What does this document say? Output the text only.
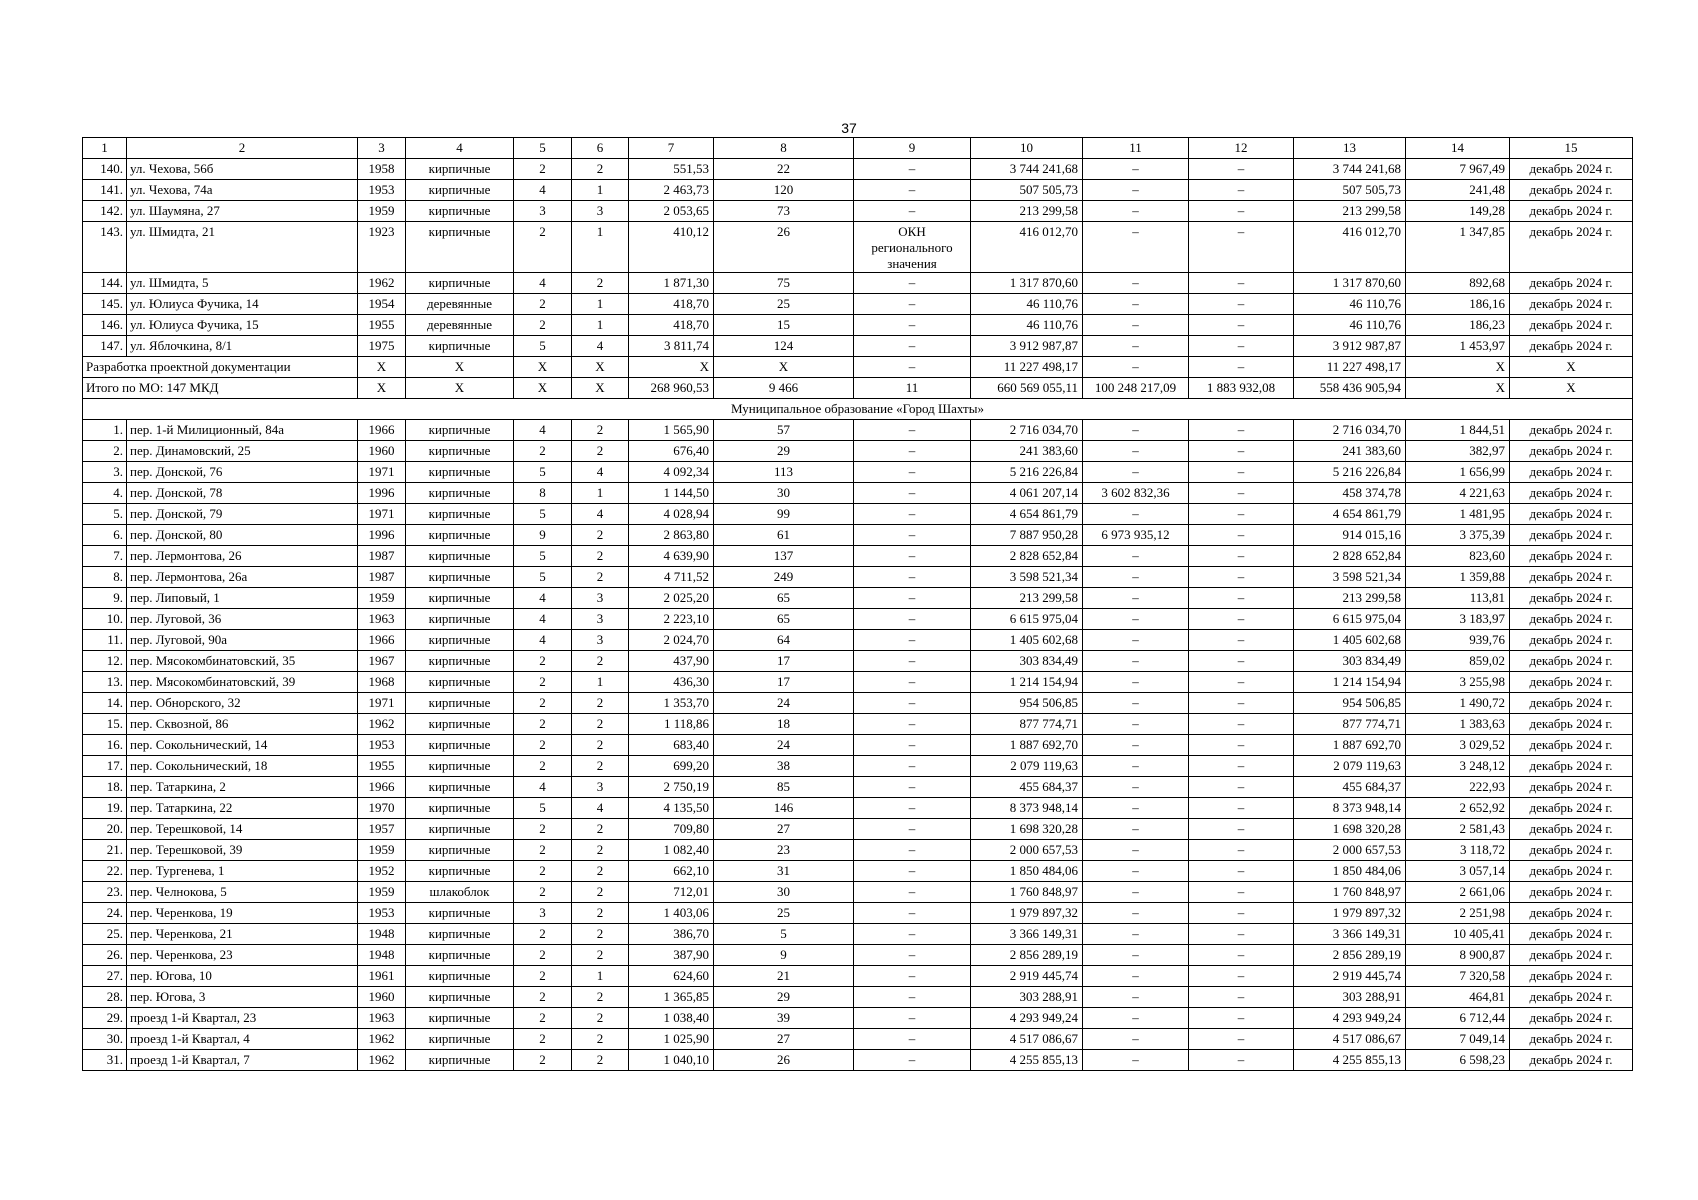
37
1	2	3	4	5	6	7	8	9	10	11	12	13	14	15
140.	ул. Чехова, 56б	1958	кирпичные	2	2	551,53	22	–	3 744 241,68	–	–	3 744 241,68	7 967,49	декабрь 2024 г.
141.	ул. Чехова, 74а	1953	кирпичные	4	1	2 463,73	120	–	507 505,73	–	–	507 505,73	241,48	декабрь 2024 г.
142.	ул. Шаумяна, 27	1959	кирпичные	3	3	2 053,65	73	–	213 299,58	–	–	213 299,58	149,28	декабрь 2024 г.
143.	ул. Шмидта, 21	1923	кирпичные	2	1	410,12	26	ОКН регионального значения	416 012,70	–	–	416 012,70	1 347,85	декабрь 2024 г.
144.	ул. Шмидта, 5	1962	кирпичные	4	2	1 871,30	75	–	1 317 870,60	–	–	1 317 870,60	892,68	декабрь 2024 г.
145.	ул. Юлиуса Фучика, 14	1954	деревянные	2	1	418,70	25	–	46 110,76	–	–	46 110,76	186,16	декабрь 2024 г.
146.	ул. Юлиуса Фучика, 15	1955	деревянные	2	1	418,70	15	–	46 110,76	–	–	46 110,76	186,23	декабрь 2024 г.
147.	ул. Яблочкина, 8/1	1975	кирпичные	5	4	3 811,74	124	–	3 912 987,87	–	–	3 912 987,87	1 453,97	декабрь 2024 г.
Разработка проектной документации		Х	Х	Х	Х	Х	Х	–	11 227 498,17	–	–	11 227 498,17	Х	Х
Итого по МО: 147 МКД		Х	Х	Х	Х	268 960,53	9 466	11	660 569 055,11	100 248 217,09	1 883 932,08	558 436 905,94	Х	Х
Муниципальное образование «Город Шахты»														
1.	пер. 1-й Милиционный, 84а	1966	кирпичные	4	2	1 565,90	57	–	2 716 034,70	–	–	2 716 034,70	1 844,51	декабрь 2024 г.
2.	пер. Динамовский, 25	1960	кирпичные	2	2	676,40	29	–	241 383,60	–	–	241 383,60	382,97	декабрь 2024 г.
3.	пер. Донской, 76	1971	кирпичные	5	4	4 092,34	113	–	5 216 226,84	–	–	5 216 226,84	1 656,99	декабрь 2024 г.
4.	пер. Донской, 78	1996	кирпичные	8	1	1 144,50	30	–	4 061 207,14	3 602 832,36	–	458 374,78	4 221,63	декабрь 2024 г.
5.	пер. Донской, 79	1971	кирпичные	5	4	4 028,94	99	–	4 654 861,79	–	–	4 654 861,79	1 481,95	декабрь 2024 г.
6.	пер. Донской, 80	1996	кирпичные	9	2	2 863,80	61	–	7 887 950,28	6 973 935,12	–	914 015,16	3 375,39	декабрь 2024 г.
7.	пер. Лермонтова, 26	1987	кирпичные	5	2	4 639,90	137	–	2 828 652,84	–	–	2 828 652,84	823,60	декабрь 2024 г.
8.	пер. Лермонтова, 26а	1987	кирпичные	5	2	4 711,52	249	–	3 598 521,34	–	–	3 598 521,34	1 359,88	декабрь 2024 г.
9.	пер. Липовый, 1	1959	кирпичные	4	3	2 025,20	65	–	213 299,58	–	–	213 299,58	113,81	декабрь 2024 г.
10.	пер. Луговой, 36	1963	кирпичные	4	3	2 223,10	65	–	6 615 975,04	–	–	6 615 975,04	3 183,97	декабрь 2024 г.
11.	пер. Луговой, 90а	1966	кирпичные	4	3	2 024,70	64	–	1 405 602,68	–	–	1 405 602,68	939,76	декабрь 2024 г.
12.	пер. Мясокомбинатовский, 35	1967	кирпичные	2	2	437,90	17	–	303 834,49	–	–	303 834,49	859,02	декабрь 2024 г.
13.	пер. Мясокомбинатовский, 39	1968	кирпичные	2	1	436,30	17	–	1 214 154,94	–	–	1 214 154,94	3 255,98	декабрь 2024 г.
14.	пер. Обнорского, 32	1971	кирпичные	2	2	1 353,70	24	–	954 506,85	–	–	954 506,85	1 490,72	декабрь 2024 г.
15.	пер. Сквозной, 86	1962	кирпичные	2	2	1 118,86	18	–	877 774,71	–	–	877 774,71	1 383,63	декабрь 2024 г.
16.	пер. Сокольнический, 14	1953	кирпичные	2	2	683,40	24	–	1 887 692,70	–	–	1 887 692,70	3 029,52	декабрь 2024 г.
17.	пер. Сокольнический, 18	1955	кирпичные	2	2	699,20	38	–	2 079 119,63	–	–	2 079 119,63	3 248,12	декабрь 2024 г.
18.	пер. Татаркина, 2	1966	кирпичные	4	3	2 750,19	85	–	455 684,37	–	–	455 684,37	222,93	декабрь 2024 г.
19.	пер. Татаркина, 22	1970	кирпичные	5	4	4 135,50	146	–	8 373 948,14	–	–	8 373 948,14	2 652,92	декабрь 2024 г.
20.	пер. Терешковой, 14	1957	кирпичные	2	2	709,80	27	–	1 698 320,28	–	–	1 698 320,28	2 581,43	декабрь 2024 г.
21.	пер. Терешковой, 39	1959	кирпичные	2	2	1 082,40	23	–	2 000 657,53	–	–	2 000 657,53	3 118,72	декабрь 2024 г.
22.	пер. Тургенева, 1	1952	кирпичные	2	2	662,10	31	–	1 850 484,06	–	–	1 850 484,06	3 057,14	декабрь 2024 г.
23.	пер. Челнокова, 5	1959	шлакоблок	2	2	712,01	30	–	1 760 848,97	–	–	1 760 848,97	2 661,06	декабрь 2024 г.
24.	пер. Черенкова, 19	1953	кирпичные	3	2	1 403,06	25	–	1 979 897,32	–	–	1 979 897,32	2 251,98	декабрь 2024 г.
25.	пер. Черенкова, 21	1948	кирпичные	2	2	386,70	5	–	3 366 149,31	–	–	3 366 149,31	10 405,41	декабрь 2024 г.
26.	пер. Черенкова, 23	1948	кирпичные	2	2	387,90	9	–	2 856 289,19	–	–	2 856 289,19	8 900,87	декабрь 2024 г.
27.	пер. Югова, 10	1961	кирпичные	2	1	624,60	21	–	2 919 445,74	–	–	2 919 445,74	7 320,58	декабрь 2024 г.
28.	пер. Югова, 3	1960	кирпичные	2	2	1 365,85	29	–	303 288,91	–	–	303 288,91	464,81	декабрь 2024 г.
29.	проезд 1-й Квартал, 23	1963	кирпичные	2	2	1 038,40	39	–	4 293 949,24	–	–	4 293 949,24	6 712,44	декабрь 2024 г.
30.	проезд 1-й Квартал, 4	1962	кирпичные	2	2	1 025,90	27	–	4 517 086,67	–	–	4 517 086,67	7 049,14	декабрь 2024 г.
31.	проезд 1-й Квартал, 7	1962	кирпичные	2	2	1 040,10	26	–	4 255 855,13	–	–	4 255 855,13	6 598,23	декабрь 2024 г.
